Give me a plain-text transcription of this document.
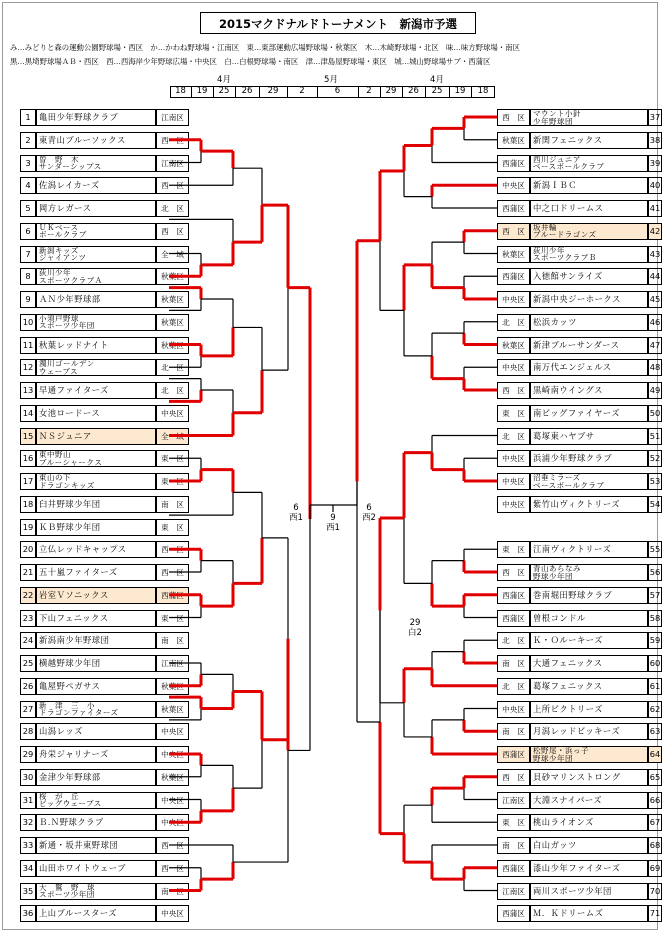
2015マクドナルドトーナメント　新潟市予選
み…みどりと森の運動公園野球場・西区　か…かわね野球場・江南区　東…東部運動広場野球場・秋葉区　木…木崎野球場・北区　味…味方野球場・南区
黒…黒埼野球場ＡＢ・西区　西…西海岸少年野球広場・中央区　白…白根野球場・南区　津…津島屋野球場・東区　城…城山野球場サブ・西蒲区
4月	5月	4月
18	19	25	26	29	2	6	2	29	26	25	19	18
1	亀田少年野球クラブ	江南区
2	東青山ブルーソックス	西　区
3	曽　野　木
サンダーシップス	江南区
4	佐潟レイカーズ	西　区
5	岡方レガース	北　区
6	ＵＫベース
ボールクラブ	西　区
7	新潟キッズ
ジャイアンツ	全　域
8	荻川少年
スポーツクラブＡ	秋葉区
9	ＡＮ少年野球部	秋葉区
10 小須戸野球
スポーツ少年団	秋葉区
11 秋葉レッドナイト	秋葉区
12 濁川ゴールデン
ウェーブス	北　区
13 早通ファイターズ	北　区
14 女池ロードース	中央区
15 ＮＳジュニア	全　域
16 東中野山
ブルーシャークス	東　区
17 東山の下
ドラゴンキッズ	東　区
18 臼井野球少年団	南　区
19 ＫＢ野球少年団	東　区
20 立仏レッドキャップス	西　区
21 五十嵐ファイターズ	西　区
22 岩室Ｖソニックス	西蒲区
23 下山フェニックス	東　区
24 新潟南少年野球団	南　区
25 横越野球少年団	江南区
26 亀屋野ペガサス	秋葉区
27 新　津　三　小
ドラゴンファイターズ	秋葉区
28 山潟レッズ	中央区
29 舟栄ジャリナーズ	中央区
30 金津少年野球部	秋葉区
31 桜　が　丘
ビッグウェーブス	中央区
32 Ｂ.Ｎ野球クラブ	中央区
33 新通・坂井東野球団	西　区
34 山田ホワイトウェーブ	西　区
35 大　鷲　野　球
スポーツ少年団	南　区
36 上山ブルースターズ	中央区
西　区	マウント小針
少年野球団	37
秋葉区 新関フェニックス	38
西蒲区	西川ジュニア
ベースボールクラブ	39
中央区 新潟ＩＢＣ	40
西蒲区 中之口ドリームス	41
西　区	坂井輪
ブルードラゴンズ	42
秋葉区	荻川少年
スポーツクラブＢ	43
西蒲区 入徳館サンライズ	44
中央区 新潟中央ジーホークス	45
北　区 松浜カッツ	46
秋葉区 新津ブルーサンダース	47
中央区 南万代エンジェルス	48
西　区 黒崎南ウイングス	49
東　区 南ビッグファイヤーズ	50
北　区 葛塚東ハヤブサ	51
中央区 浜浦少年野球クラブ	52
中央区	沼垂ミラーズ
ベースボールクラブ	53
中央区 紫竹山ヴィクトリーズ	54
東　区 江南ヴィクトリーズ	55
西　区	青山あらなみ
野球少年団	56
西蒲区 巻南堀田野球クラブ	57
西蒲区 曽根コンドル	58
北　区 Ｋ・Ｏルーキーズ	59
南　区 大通フェニックス	60
北　区 葛塚フェニックス	61
中央区 上所ビクトリーズ	62
南　区 月潟レッドビッキーズ	63
西蒲区	松野尾・浜っ子
野球少年団	64
西　区 貝砂マリンストロング	65
江南区 大淵スナイパーズ	66
東　区 桃山ライオンズ	67
南　区 白山ガッツ	68
西蒲区 漆山少年ファイターズ	69
江南区 両川スポーツ少年団	70
西蒲区 Ｍ．Ｋドリームズ	71
6
西1	9
西1
6
西2
29
白2
